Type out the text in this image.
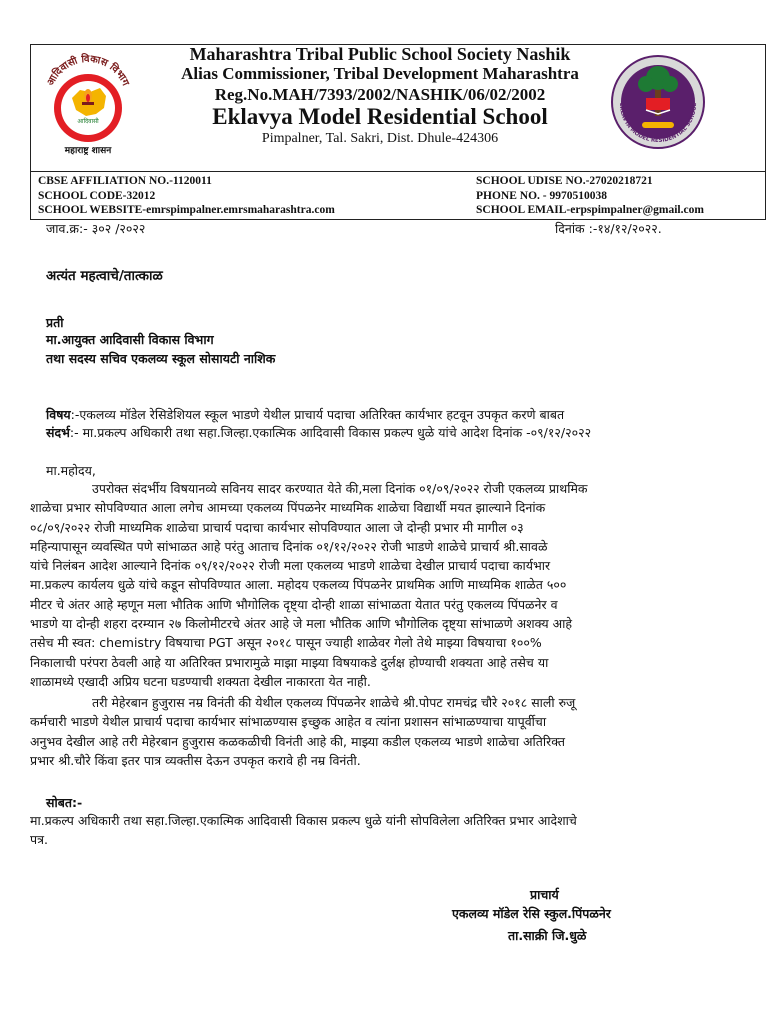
आदिवासी विकास विभाग
आदिवासी
महाराष्ट्र शासन
EKLAVYA MODEL RESIDENTIAL SCHOOL
Maharashtra Tribal Public School Society Nashik
Alias Commissioner, Tribal Development Maharashtra
Reg.No.MAH/7393/2002/NASHIK/06/02/2002
Eklavya Model Residential School
Pimpalner, Tal. Sakri, Dist. Dhule-424306
CBSE AFFILIATION NO.-1120011
SCHOOL CODE-32012
SCHOOL WEBSITE-emrspimpalner.emrsmaharashtra.com
SCHOOL UDISE NO.-27020218721
PHONE NO. - 9970510038
SCHOOL EMAIL-erpspimpalner@gmail.com
जाव.क्र:- ३०२ /२०२२	दिनांक :-१४/१२/२०२२.
अत्यंत महत्वाचे/तात्काळ
प्रती
मा.आयुक्त आदिवासी विकास विभाग
तथा सदस्य सचिव एकलव्य स्कूल सोसायटी नाशिक
विषय:-एकलव्य मॉडेल रेसिडेशियल स्कूल भाडणे येथील प्राचार्य पदाचा अतिरिक्त कार्यभार हटवून उपकृत करणे बाबत
संदर्भ:- मा.प्रकल्प अधिकारी तथा सहा.जिल्हा.एकात्मिक आदिवासी विकास प्रकल्प धुळे यांचे आदेश दिनांक -०९/१२/२०२२
मा.महोदय,
उपरोक्त संदर्भीय विषयानव्ये सविनय सादर करण्यात येते की,मला दिनांक ०१/०९/२०२२ रोजी एकलव्य प्राथमिक
शाळेचा प्रभार सोपविण्यात आला लगेच आमच्या एकलव्य पिंपळनेर माध्यमिक शाळेचा विद्यार्थी मयत झाल्याने दिनांक
०८/०९/२०२२ रोजी माध्यमिक शाळेचा प्राचार्य पदाचा कार्यभार सोपविण्यात आला जे दोन्ही प्रभार मी मागील ०३
महिन्यापासून व्यवस्थित पणे सांभाळत आहे परंतु आताच दिनांक ०१/१२/२०२२ रोजी भाडणे शाळेचे प्राचार्य श्री.सावळे
यांचे निलंबन आदेश आल्याने दिनांक ०९/१२/२०२२ रोजी मला एकलव्य भाडणे शाळेचा देखील प्राचार्य पदाचा कार्यभार
मा.प्रकल्प कार्यलय धुळे यांचे कडून सोपविण्यात आला. महोदय एकलव्य पिंपळनेर प्राथमिक आणि माध्यमिक शाळेत ५००
मीटर चे अंतर आहे म्हणून मला भौतिक आणि भौगोलिक दृष्ट्या दोन्ही शाळा सांभाळता येतात परंतु एकलव्य पिंपळनेर व
भाडणे या दोन्ही शहरा दरम्यान २७ किलोमीटरचे अंतर आहे जे मला भौतिक आणि भौगोलिक दृष्ट्या सांभाळणे अशक्य आहे
तसेच मी स्वत: chemistry विषयाचा PGT असून २०१८ पासून ज्याही शाळेवर गेलो तेथे माझ्या विषयाचा १००%
निकालाची परंपरा ठेवली आहे या अतिरिक्त प्रभारामुळे माझा माझ्या विषयाकडे दुर्लक्ष होण्याची शक्यता आहे तसेच या
शाळामध्ये एखादी अप्रिय घटना घडण्याची शक्यता देखील नाकारता येत नाही.
तरी मेहेरबान हुजुरास नम्र विनंती की येथील एकलव्य पिंपळनेर शाळेचे श्री.पोपट रामचंद्र चौरे २०१८ साली रुजू
कर्मचारी भाडणे येथील प्राचार्य पदाचा कार्यभार सांभाळण्यास इच्छुक आहेत व त्यांना प्रशासन सांभाळण्याचा यापूर्वीचा
अनुभव देखील आहे तरी मेहेरबान हुजुरास कळकळीची विनंती आहे की, माझ्या कडील एकलव्य भाडणे शाळेचा अतिरिक्त
प्रभार श्री.चौरे किंवा इतर पात्र व्यक्तीस देऊन उपकृत करावे ही नम्र विनंती.
सोबत:-
मा.प्रकल्प अधिकारी तथा सहा.जिल्हा.एकात्मिक आदिवासी विकास प्रकल्प धुळे यांनी सोपविलेला अतिरिक्त प्रभार आदेशाचे
पत्र.
प्राचार्य
एकलव्य मॉडेल रेसि स्कुल.पिंपळनेर
ता.साक्री जि.धुळे
